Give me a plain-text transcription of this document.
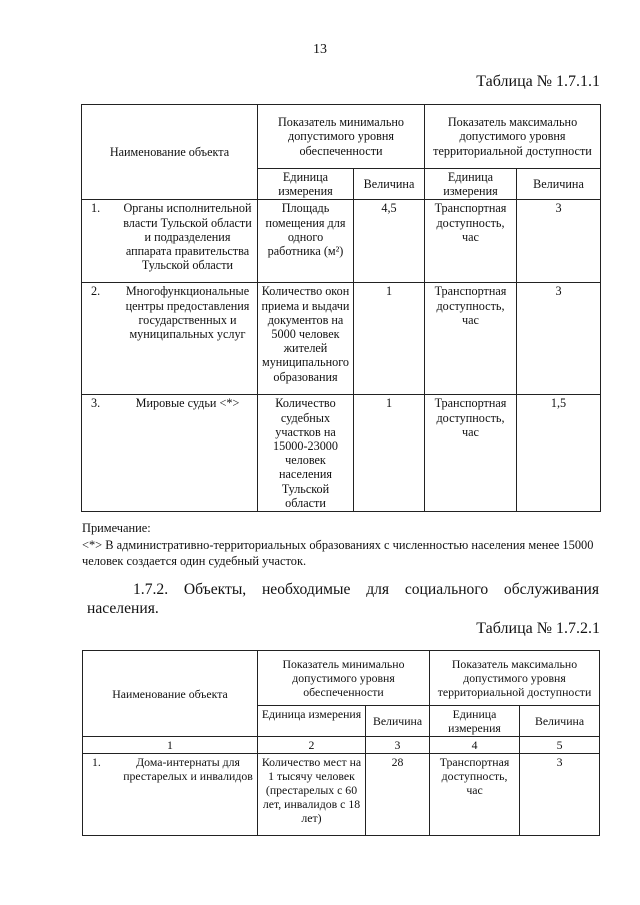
13
Таблица № 1.7.1.1
Наименование объекта	Показатель минимально допустимого уровня обеспеченности		Показатель максимально допустимого уровня территориальной доступности	
	Единица измерения	Величина	Единица измерения	Величина

1. Органы исполнительной власти Тульской области и подразделения аппарата правительства Тульской области	Площадь помещения для одного работника (м²)	4,5	Транспортная доступность, час	3

2. Многофункциональные центры предоставления государственных и муниципальных услуг	Количество окон приема и выдачи документов на 5000 человек жителей муниципального образования	1	Транспортная доступность, час	3

3. Мировые судьи <*>	Количество судебных участков на 15000-23000 человек населения Тульской области	1	Транспортная доступность, час	1,5
Примечание:
<*> В административно-территориальных образованиях с численностью населения менее 15000 человек создается один судебный участок.
1.7.2. Объекты, необходимые для социального обслуживания
населения.
Таблица № 1.7.2.1
Наименование объекта	Показатель минимально допустимого уровня обеспеченности		Показатель максимально допустимого уровня территориальной доступности	
	Единица измерения	Величина	Единица измерения	Величина
1	2	3	4	5

1. Дома-интернаты для престарелых и инвалидов	Количество мест на 1 тысячу человек (престарелых с 60 лет, инвалидов с 18 лет)	28	Транспортная доступность, час	3
